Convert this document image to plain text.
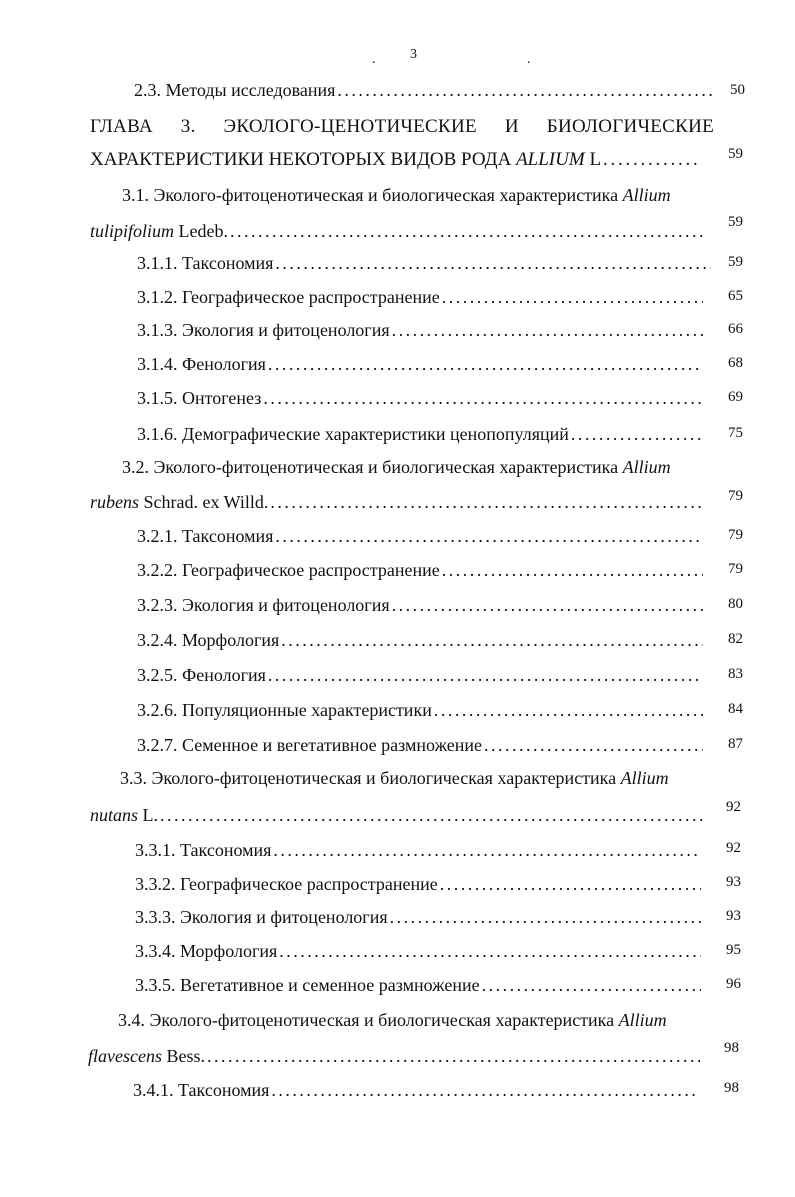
3	.
.
2.3. Методы исследования . . .	50
ГЛАВА 3. ЭКОЛОГО-ЦЕНОТИЧЕСКИЕ И БИОЛОГИЧЕСКИЕ
ХАРАКТЕРИСТИКИ НЕКОТОРЫХ ВИДОВ РОДА ALLIUM L . . .	59
3.1. Эколого-фитоценотическая и биологическая характеристика Allium
tulipifolium Ledeb. . . .	59
3.1.1. Таксономия . . .	59
3.1.2. Географическое распространение . . .	65
3.1.3. Экология и фитоценология . . .	66
3.1.4. Фенология . . .	68
3.1.5. Онтогенез . . .	69
3.1.6. Демографические характеристики ценопопуляций . . .	75
3.2. Эколого-фитоценотическая и биологическая характеристика Allium
rubens Schrad. ex Willd. . . .	79
3.2.1. Таксономия . . .	79
3.2.2. Географическое распространение . . .	79
3.2.3. Экология и фитоценология . . .	80
3.2.4. Морфология . . .	82
3.2.5. Фенология . . .	83
3.2.6. Популяционные характеристики . . .	84
3.2.7. Семенное и вегетативное размножение . . .	87
3.3. Эколого-фитоценотическая и биологическая характеристика Allium
nutans L. . . .	92
3.3.1. Таксономия . . .	92
3.3.2. Географическое распространение . . .	93
3.3.3. Экология и фитоценология . . .	93
3.3.4. Морфология . . .	95
3.3.5. Вегетативное и семенное размножение . . .	96
3.4. Эколого-фитоценотическая и биологическая характеристика Allium
flavescens Bess. . . .	98
3.4.1. Таксономия . . .	98
